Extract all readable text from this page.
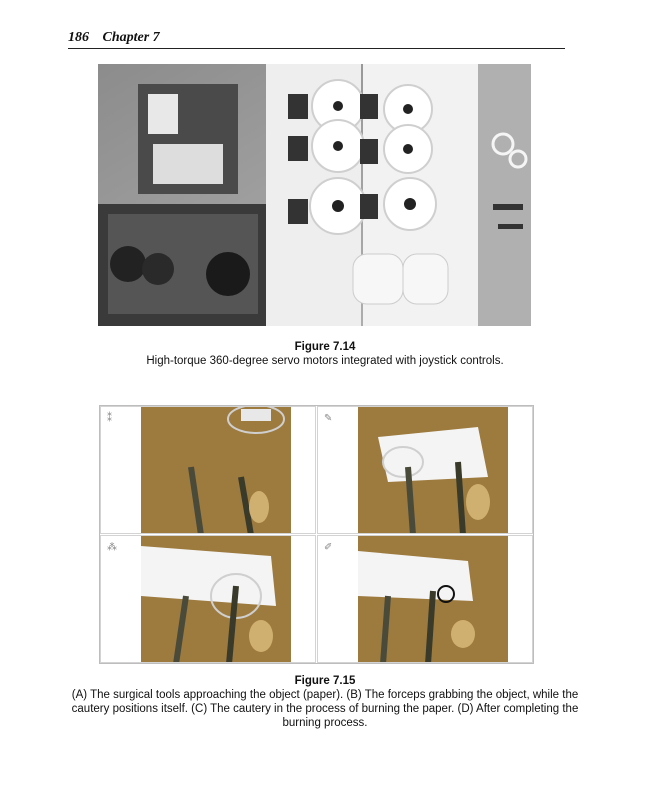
186 Chapter 7
Figure 7.14
High-torque 360-degree servo motors integrated with joystick controls.
⁑	✎
⁂	✐
Figure 7.15
(A) The surgical tools approaching the object (paper). (B) The forceps grabbing the object, while the cautery positions itself. (C) The cautery in the process of burning the paper. (D) After completing the burning process.
